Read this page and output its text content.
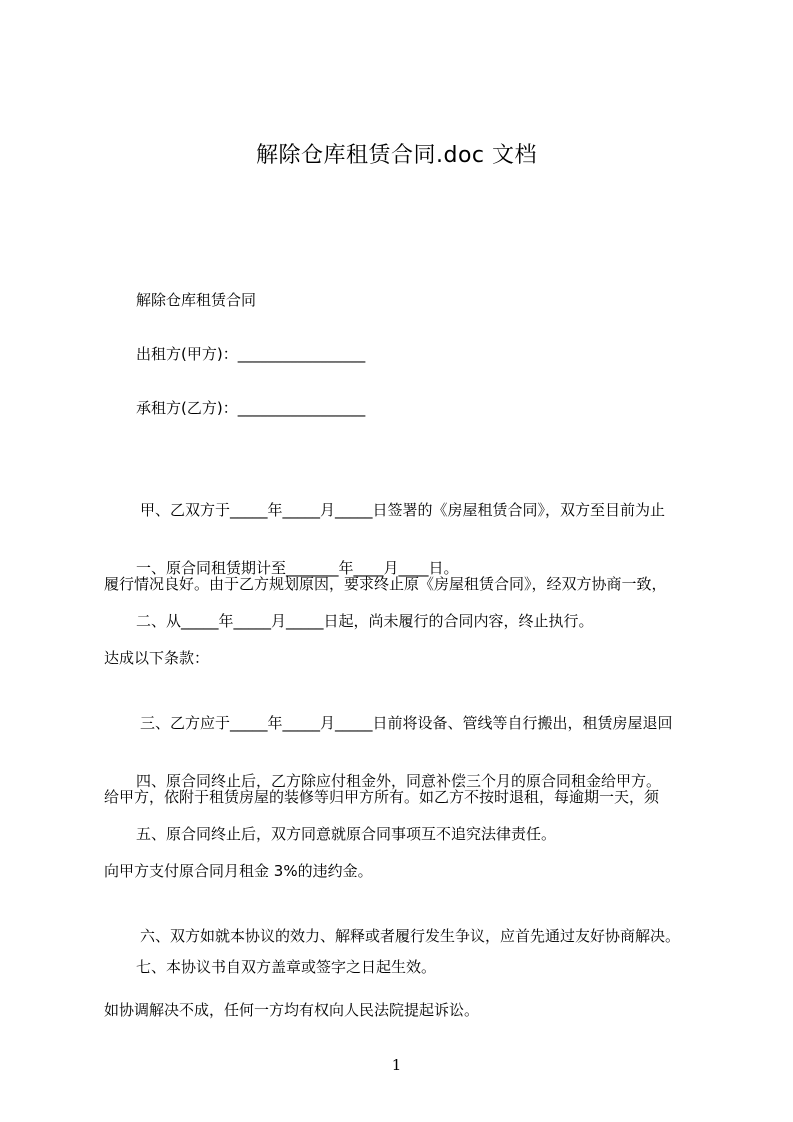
解除仓库租赁合同.doc 文档

解除仓库租赁合同

出租方(甲方)：_________________

承租方(乙方)：_________________

甲、乙双方于_____年_____月_____日签署的《房屋租赁合同》，双方至目前为止

履行情况良好。由于乙方规划原因，要求终止原《房屋租赁合同》，经双方协商一致，

达成以下条款：

一、原合同租赁期计至_______年____月____日。

二、从_____年_____月_____日起，尚未履行的合同内容，终止执行。

三、乙方应于_____年_____月_____日前将设备、管线等自行搬出，租赁房屋退回

给甲方，依附于租赁房屋的装修等归甲方所有。如乙方不按时退租，每逾期一天，须

向甲方支付原合同月租金 3%的违约金。

四、原合同终止后，乙方除应付租金外，同意补偿三个月的原合同租金给甲方。

五、原合同终止后，双方同意就原合同事项互不追究法律责任。

六、双方如就本协议的效力、解释或者履行发生争议，应首先通过友好协商解决。

如协调解决不成，任何一方均有权向人民法院提起诉讼。

七、本协议书自双方盖章或签字之日起生效。

1
